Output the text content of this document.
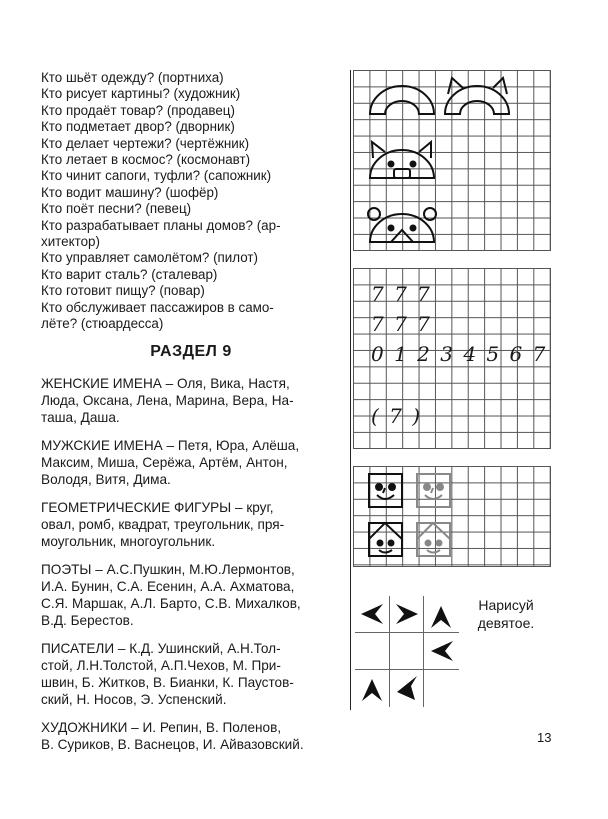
Кто шьёт одежду? (портниха)
Кто рисует картины? (художник)
Кто продаёт товар? (продавец)
Кто подметает двор? (дворник)
Кто делает чертежи? (чертёжник)
Кто летает в космос? (космонавт)
Кто чинит сапоги, туфли? (сапожник)
Кто водит машину? (шофёр)
Кто поёт песни? (певец)
Кто разрабатывает планы домов? (ар-
хитектор)
Кто управляет самолётом? (пилот)
Кто варит сталь? (сталевар)
Кто готовит пищу? (повар)
Кто обслуживает пассажиров в само-
лёте? (стюардесса)
РАЗДЕЛ 9
ЖЕНСКИЕ ИМЕНА – Оля, Вика, Настя,
Люда, Оксана, Лена, Марина, Вера, На-
таша, Даша.
МУЖСКИЕ ИМЕНА – Петя, Юра, Алёша,
Максим, Миша, Серёжа, Артём, Антон,
Володя, Витя, Дима.
ГЕОМЕТРИЧЕСКИЕ ФИГУРЫ – круг,
овал, ромб, квадрат, треугольник, пря-
моугольник, многоугольник.
ПОЭТЫ – А.С.Пушкин, М.Ю.Лермонтов,
И.А. Бунин, С.А. Есенин, А.А. Ахматова,
С.Я. Маршак, А.Л. Барто, С.В. Михалков,
В.Д. Берестов.
ПИСАТЕЛИ – К.Д. Ушинский, А.Н.Тол-
стой, Л.Н.Толстой, А.П.Чехов, М. При-
швин, Б. Житков, В. Бианки, К. Паустов-
ский, Н. Носов, Э. Успенский.
ХУДОЖНИКИ – И. Репин, В. Поленов,
В. Суриков, В. Васнецов, И. Айвазовский.
7 7 7
7 7 7
0 1 2 3 4 5 6 7
( 7 )
Нарисуй девятое.
13
